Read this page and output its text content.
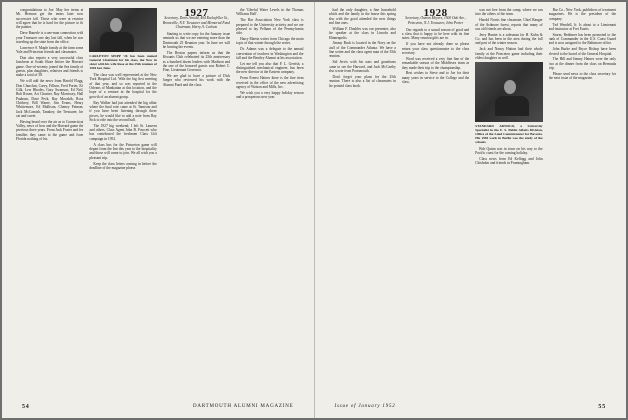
congratulations to Joe. May her terms at Mt. Hermon get the terms later now successive fall. Those who were at reunion will agree that he is hard for the picture to fit the painter.

Dave Bauerle is a one-man connection with your Treasurer one day last fall, when he was traveling up the state from the office.

Lawrence S. Maple family at the farm some Yale and Princeton friends and classmates.

Don also reports a very successful class luncheon at South Shore before the Harvard game. One-of-seventy joined the Sea family of guests, plus daughters, relatives and friends to make a total of 58.

We will add the news from Harold Flagg, Don Churchm, Carey, Fillson, Fred Porter, Ed Gilk, Lew Rhodes, Gary Swanson, Ed Neil, Bob Rosen, Art Chartier, Ray Morrissey, Hall Pauburn, Dave Peck, Ray Mooshik, Rosa Chitbery, Bill Warne, Jim Evans, Henry Whittemore, Ed Mullison, Cheney Feiman, Jack McCamish, Tanakey, the Treasurer, his cat and sweet.

Having heard over the air as to Connecticut Valley, news of how and the Harvard game the previous three years. From Jack Foster and fee families they came to the game and from Florida nothing of his.

CARLETON SEIPP '26 has been named General Chairman for his class, the New in sister with his wife Rose at the 25th reunion of 1926 last June.

The class was well represented at the New York Hospital Ltd. With the big first meeting of that year, and so was reported in the Orleans of Manhattan at this location, and the hope of a venture in the hospital for the growth of an alumni group.

Ray Walker had just attended the big affair where the final vote came at St. Tamison and if you have been listening through these pieces, he would like to add a note from Ray Sick to ride into the second half.

The 1927 big weekend, I left St. Laurent and others. Class Agent John B. Fawcett who has contributed the freshmen Class Gift campaign in 1952.

A class bus for the Princeton game will depart from the Inn this year to the hospitality and those will come to join. We all wish you a pleasant trip.

Keep the class letters coming in before the deadline of the magazine please.

1927
Secretary, Doris Arnold, 404 Rockefeller St., Bronxville, N.Y. Treasurer and Memorial Fund Chairman, Harry A. Carlson

Starting to write copy for the January issue reminds us that we are entering more than the Dartmouth 25 Reunion year. In June we will be hosting the events.

The Boston papers inform us that the Kiwanis Club celebrated its 25th anniversary as a hundred dozen leaders with Madison and the one of the honored guests was Robert C. Fine, Lieutenant Governor.

We are glad to have a picture of Dick Jaeger who reviewed his work with the Alumni Fund and the class.

the 'Gleeful Water Levels in the Thomas Williams Hall'.

The Bar Association New York class is prepared to the University activity and we are pleased to lay Pelham of the Pennsylvania side.

Harry Martin writes from Chicago the main topic of that winter through the series.

Dr. Adams was a delegate to the annual convention of teachers in Washington and the fall and the Bentley Alumni at his association.

Let me tell you also that F. L. Gerrish, a distinguished mechanical engineer, has been the new director at the Eastern company.

From Ernest Haines there is the fine item received in the office of the new advertising agency of Watson and Mills, Inc.

We wish you a very happy holiday season and a prosperous new year.

54	DARTMOUTH ALUMNI MAGAZINE

had the only daughter, a fine household which and the family in the house this spring also with the good attended the new things and fine ones.

William F. Doubles was our presenter, also the speaker at the class in Lincoln and Minneapolis.

Jimmy Buck is located in the Navy on the staff of the Commander Atlanta. We have a fine writer and the class agent man of the 35th reunion.

Sid Jervis with his sons and grandsons came to see the Harvard, and Jack McCarthy also wrote from Portsmouth.

Don't forget your plans for the 25th reunion. There is also a list of classmates in the printed class book.

1928
Secretary, Osmon Meyers, 1500 Oak Ave., Princeton, N.J. Treasurer, John Porter

Our regards to a sound season of good and a class that is happy to be here with its fine notes. Many reunion gifts are in.

If you have not already done so please return your class questionnaire to the class secretary.

Word was received a very fine line of the remarkable season of the Middlesex team as they made their trip to the championship.

Best wishes to Steve and to Joe for their many years in service to the College and the class.

was not free from the camp, where we ran into the others of the team.

Harold Norris fine classmate, Chief Ranger of the Ardmore forest, reports that many of our old friends are about.

Jerry Hunter is a salesman for H. Kuhn & Co. and has been in the area during the fall and part of the winter season.

Jack and Nancy Hutton had their whole family at the Princeton game including their eldest daughter as well.

STANDARD ARNOLD, a University Specialist in the U. S. Public Affairs Division, Office of the Land Commissioner for Bavaria. His 1950 work in Berlin was the study of the schools.

Bob Quinn was in town on his way to the Pacific coast for the coming holiday.

Class news from Ed Kellogg and John Chisholm and friends in Framingham.

Bar Co., New York, publishers of treatment magazines. He is the president of the company.

Ted Wendell, Jr. Is about to a Lieutenant and instructor at Fort Eustis.

Storm, Bedtimer has been promoted to the rank of Commander in the U.S. Coast Guard and is now assigned to the Baltimore office.

John Burke and Bryce Bishop have been elected to the board of the General Hospital.

The Hill and Jimmy Haines were the only two at the dinner from the class on Bermuda trip.

Please send news to the class secretary for the next issue of the magazine.

Issue of January 1952	55
